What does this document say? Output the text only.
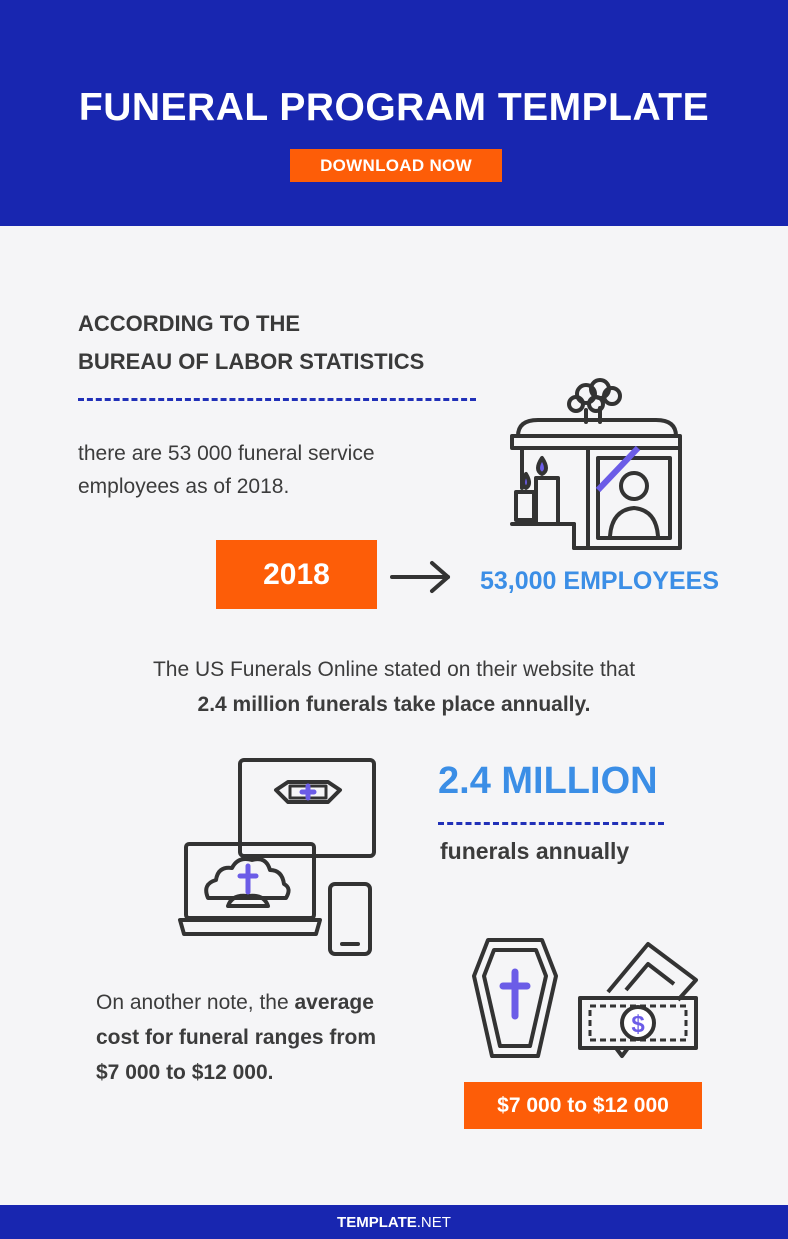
FUNERAL PROGRAM TEMPLATE
DOWNLOAD NOW
ACCORDING TO THE
BUREAU OF LABOR STATISTICS
there are 53 000 funeral service
employees as of 2018.
2018	53,000 EMPLOYEES
The US Funerals Online stated on their website that
2.4 million funerals take place annually.
2.4 MILLION
funerals annually
On another note, the average
cost for funeral ranges from
$7 000 to $12 000.
$
$7 000 to $12 000
TEMPLATE.NET
